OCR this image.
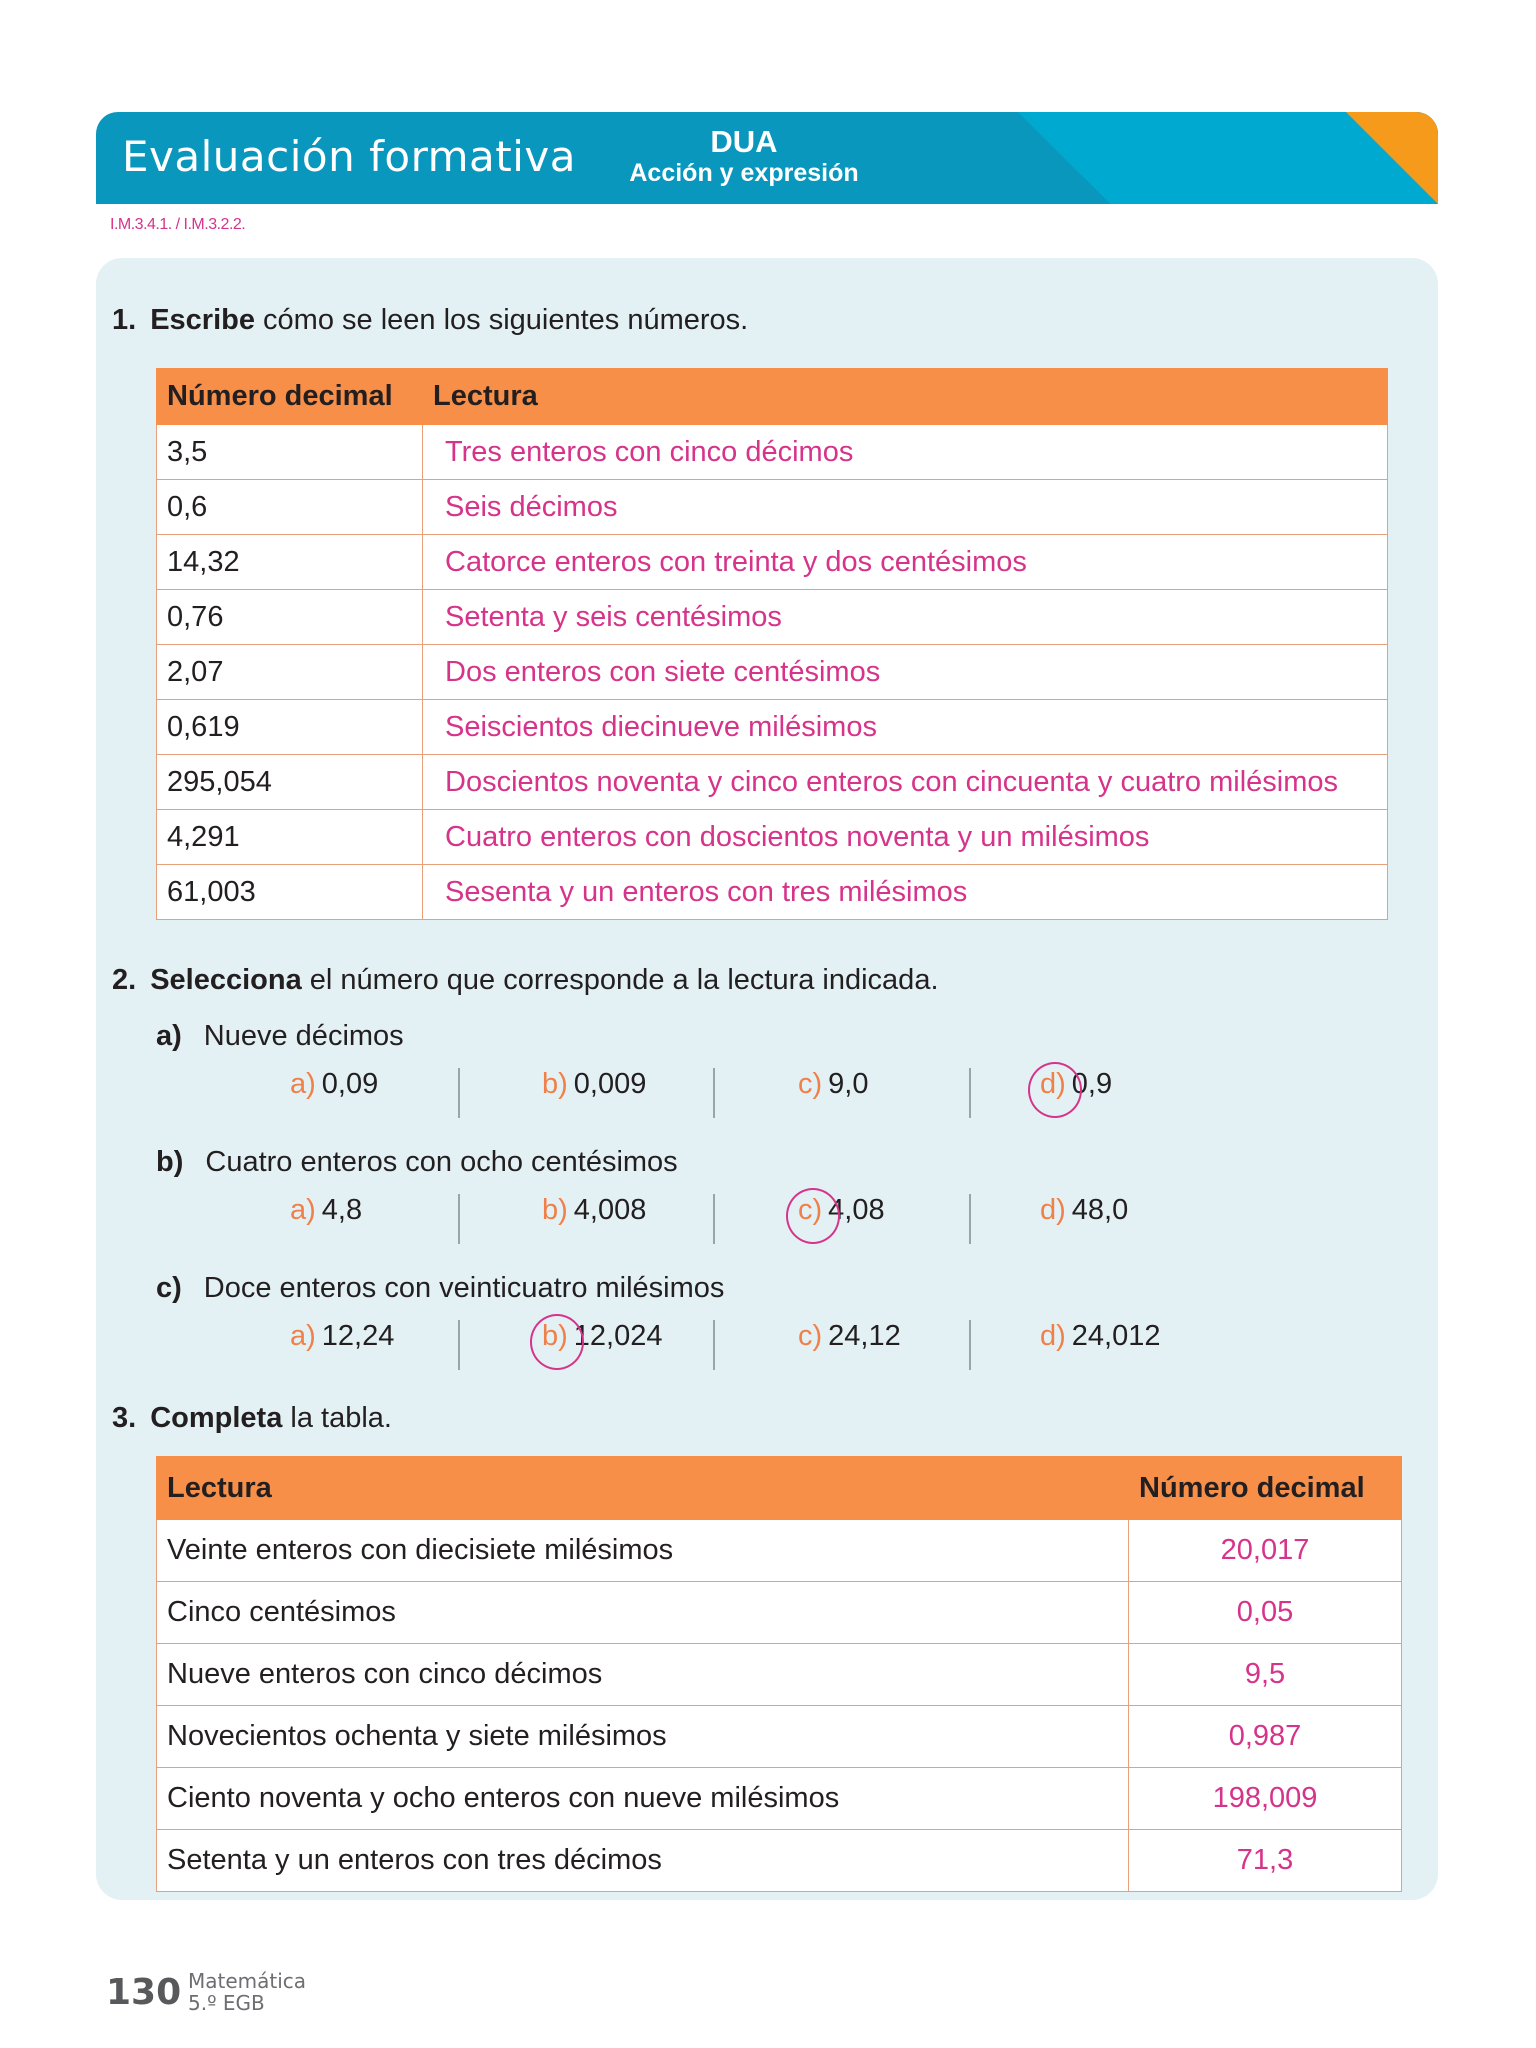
Evaluación formativa	DUA
Acción y expresión
I.M.3.4.1. / I.M.3.2.2.
1. Escribe cómo se leen los siguientes números.
Número decimal	Lectura
3,5	Tres enteros con cinco décimos
0,6	Seis décimos
14,32	Catorce enteros con treinta y dos centésimos
0,76	Setenta y seis centésimos
2,07	Dos enteros con siete centésimos
0,619	Seiscientos diecinueve milésimos
295,054	Doscientos noventa y cinco enteros con cincuenta y cuatro milésimos
4,291	Cuatro enteros con doscientos noventa y un milésimos
61,003	Sesenta y un enteros con tres milésimos
2. Selecciona el número que corresponde a la lectura indicada.
a) Nueve décimos
a) 0,09	b) 0,009	c) 9,0	d) 0,9
b) Cuatro enteros con ocho centésimos
a) 4,8	b) 4,008	c) 4,08	d) 48,0
c) Doce enteros con veinticuatro milésimos
a) 12,24	b) 12,024	c) 24,12	d) 24,012
3. Completa la tabla.
Lectura	Número decimal
Veinte enteros con diecisiete milésimos	20,017
Cinco centésimos	0,05
Nueve enteros con cinco décimos	9,5
Novecientos ochenta y siete milésimos	0,987
Ciento noventa y ocho enteros con nueve milésimos	198,009
Setenta y un enteros con tres décimos	71,3
130 Matemática
5.º EGB
